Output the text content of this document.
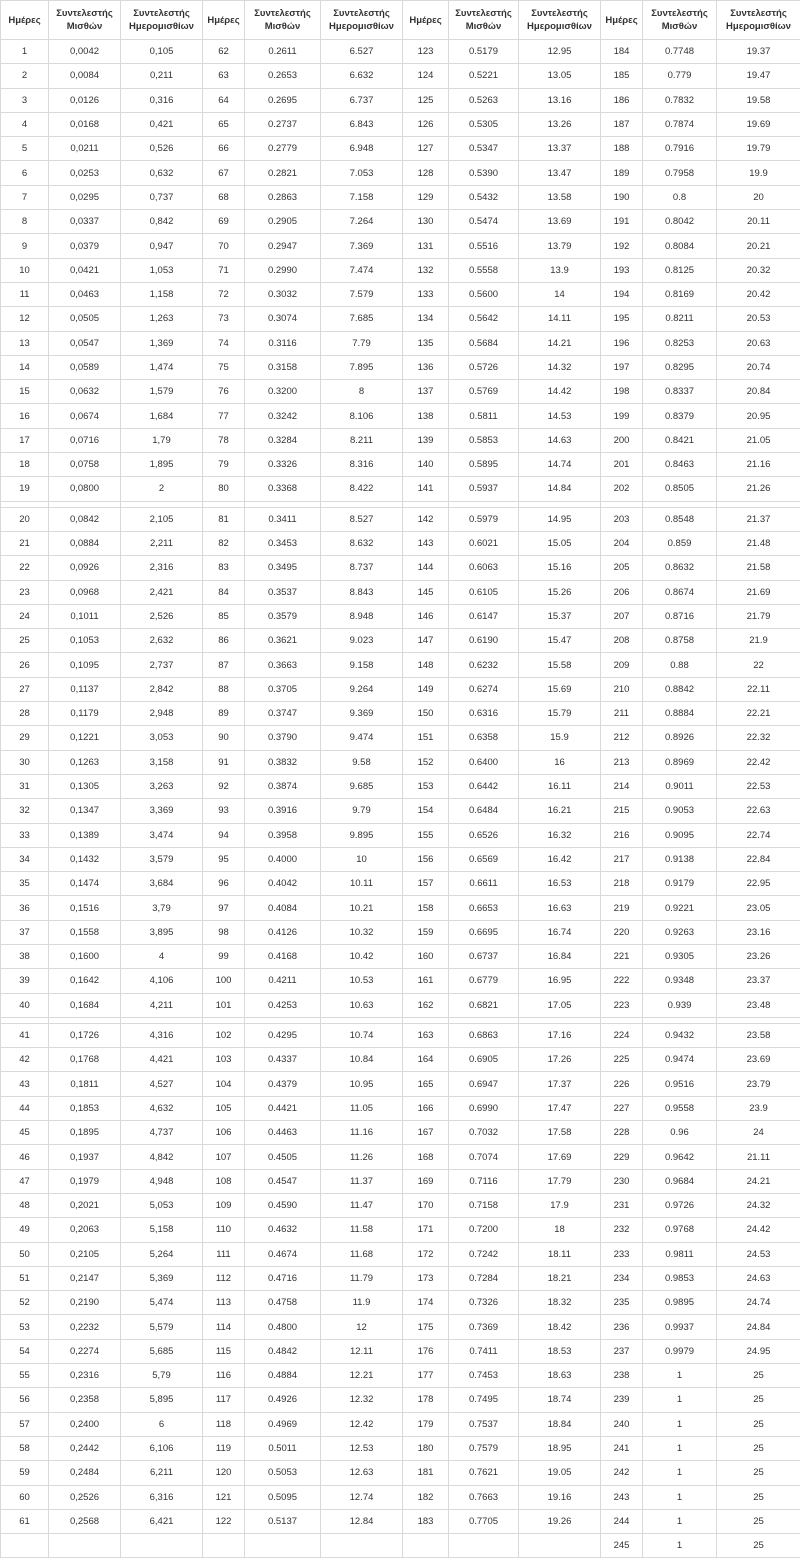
Ημέρες	Συντελεστής Μισθών	Συντελεστής Ημερομισθίων	Ημέρες	Συντελεστής Μισθών	Συντελεστής Ημερομισθίων	Ημέρες	Συντελεστής Μισθών	Συντελεστής Ημερομισθίων	Ημέρες	Συντελεστής Μισθών	Συντελεστής Ημερομισθίων
1	0,0042	0,105	62	0.2611	6.527	123	0.5179	12.95	184	0.7748	19.37
2	0,0084	0,211	63	0.2653	6.632	124	0.5221	13.05	185	0.779	19.47
3	0,0126	0,316	64	0.2695	6.737	125	0.5263	13.16	186	0.7832	19.58
4	0,0168	0,421	65	0.2737	6.843	126	0.5305	13.26	187	0.7874	19.69
5	0,0211	0,526	66	0.2779	6.948	127	0.5347	13.37	188	0.7916	19.79
6	0,0253	0,632	67	0.2821	7.053	128	0.5390	13.47	189	0.7958	19.9
7	0,0295	0,737	68	0.2863	7.158	129	0.5432	13.58	190	0.8	20
8	0,0337	0,842	69	0.2905	7.264	130	0.5474	13.69	191	0.8042	20.11
9	0,0379	0,947	70	0.2947	7.369	131	0.5516	13.79	192	0.8084	20.21
10	0,0421	1,053	71	0.2990	7.474	132	0.5558	13.9	193	0.8125	20.32
11	0,0463	1,158	72	0.3032	7.579	133	0.5600	14	194	0.8169	20.42
12	0,0505	1,263	73	0.3074	7.685	134	0.5642	14.11	195	0.8211	20.53
13	0,0547	1,369	74	0.3116	7.79	135	0.5684	14.21	196	0.8253	20.63
14	0,0589	1,474	75	0.3158	7.895	136	0.5726	14.32	197	0.8295	20.74
15	0,0632	1,579	76	0.3200	8	137	0.5769	14.42	198	0.8337	20.84
16	0,0674	1,684	77	0.3242	8.106	138	0.5811	14.53	199	0.8379	20.95
17	0,0716	1,79	78	0.3284	8.211	139	0.5853	14.63	200	0.8421	21.05
18	0,0758	1,895	79	0.3326	8.316	140	0.5895	14.74	201	0.8463	21.16
19	0,0800	2	80	0.3368	8.422	141	0.5937	14.84	202	0.8505	21.26

20	0,0842	2,105	81	0.3411	8.527	142	0.5979	14.95	203	0.8548	21.37
21	0,0884	2,211	82	0.3453	8.632	143	0.6021	15.05	204	0.859	21.48
22	0,0926	2,316	83	0.3495	8.737	144	0.6063	15.16	205	0.8632	21.58
23	0,0968	2,421	84	0.3537	8.843	145	0.6105	15.26	206	0.8674	21.69
24	0,1011	2,526	85	0.3579	8.948	146	0.6147	15.37	207	0.8716	21.79
25	0,1053	2,632	86	0.3621	9.023	147	0.6190	15.47	208	0.8758	21.9
26	0,1095	2,737	87	0.3663	9.158	148	0.6232	15.58	209	0.88	22
27	0,1137	2,842	88	0.3705	9.264	149	0.6274	15.69	210	0.8842	22.11
28	0,1179	2,948	89	0.3747	9.369	150	0.6316	15.79	211	0.8884	22.21
29	0,1221	3,053	90	0.3790	9.474	151	0.6358	15.9	212	0.8926	22.32
30	0,1263	3,158	91	0.3832	9.58	152	0.6400	16	213	0.8969	22.42
31	0,1305	3,263	92	0.3874	9.685	153	0.6442	16.11	214	0.9011	22.53
32	0,1347	3,369	93	0.3916	9.79	154	0.6484	16.21	215	0.9053	22.63
33	0,1389	3,474	94	0.3958	9.895	155	0.6526	16.32	216	0.9095	22.74
34	0,1432	3,579	95	0.4000	10	156	0.6569	16.42	217	0.9138	22.84
35	0,1474	3,684	96	0.4042	10.11	157	0.6611	16.53	218	0.9179	22.95
36	0,1516	3,79	97	0.4084	10.21	158	0.6653	16.63	219	0.9221	23.05
37	0,1558	3,895	98	0.4126	10.32	159	0.6695	16.74	220	0.9263	23.16
38	0,1600	4	99	0.4168	10.42	160	0.6737	16.84	221	0.9305	23.26
39	0,1642	4,106	100	0.4211	10.53	161	0.6779	16.95	222	0.9348	23.37
40	0,1684	4,211	101	0.4253	10.63	162	0.6821	17.05	223	0.939	23.48

41	0,1726	4,316	102	0.4295	10.74	163	0.6863	17.16	224	0.9432	23.58
42	0,1768	4,421	103	0.4337	10.84	164	0.6905	17.26	225	0.9474	23.69
43	0,1811	4,527	104	0.4379	10.95	165	0.6947	17.37	226	0.9516	23.79
44	0,1853	4,632	105	0.4421	11.05	166	0.6990	17.47	227	0.9558	23.9
45	0,1895	4,737	106	0.4463	11.16	167	0.7032	17.58	228	0.96	24
46	0,1937	4,842	107	0.4505	11.26	168	0.7074	17.69	229	0.9642	21.11
47	0,1979	4,948	108	0.4547	11.37	169	0.7116	17.79	230	0.9684	24.21
48	0,2021	5,053	109	0.4590	11.47	170	0.7158	17.9	231	0.9726	24.32
49	0,2063	5,158	110	0.4632	11.58	171	0.7200	18	232	0.9768	24.42
50	0,2105	5,264	111	0.4674	11.68	172	0.7242	18.11	233	0.9811	24.53
51	0,2147	5,369	112	0.4716	11.79	173	0.7284	18.21	234	0.9853	24.63
52	0,2190	5,474	113	0.4758	11.9	174	0.7326	18.32	235	0.9895	24.74
53	0,2232	5,579	114	0.4800	12	175	0.7369	18.42	236	0.9937	24.84
54	0,2274	5,685	115	0.4842	12.11	176	0.7411	18.53	237	0.9979	24.95
55	0,2316	5,79	116	0.4884	12.21	177	0.7453	18.63	238	1	25
56	0,2358	5,895	117	0.4926	12.32	178	0.7495	18.74	239	1	25
57	0,2400	6	118	0.4969	12.42	179	0.7537	18.84	240	1	25
58	0,2442	6,106	119	0.5011	12.53	180	0.7579	18.95	241	1	25
59	0,2484	6,211	120	0.5053	12.63	181	0.7621	19.05	242	1	25
60	0,2526	6,316	121	0.5095	12.74	182	0.7663	19.16	243	1	25
61	0,2568	6,421	122	0.5137	12.84	183	0.7705	19.26	244	1	25
									245	1	25
